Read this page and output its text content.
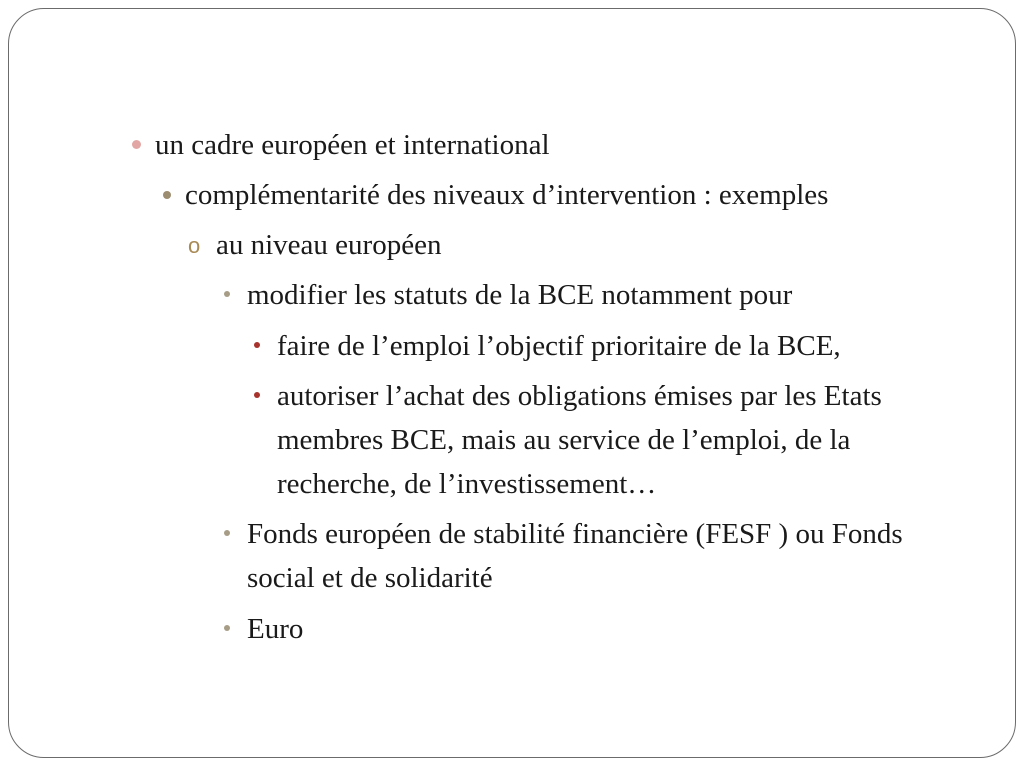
un cadre européen et international
complémentarité des niveaux d’intervention : exemples
o au niveau européen
modifier les statuts de la BCE notamment pour
faire de l’emploi l’objectif prioritaire de la BCE,
autoriser l’achat des obligations émises par les Etats membres BCE, mais au service de l’emploi, de la recherche, de l’investissement…
Fonds européen de stabilité financière (FESF ) ou Fonds social et de solidarité
Euro
